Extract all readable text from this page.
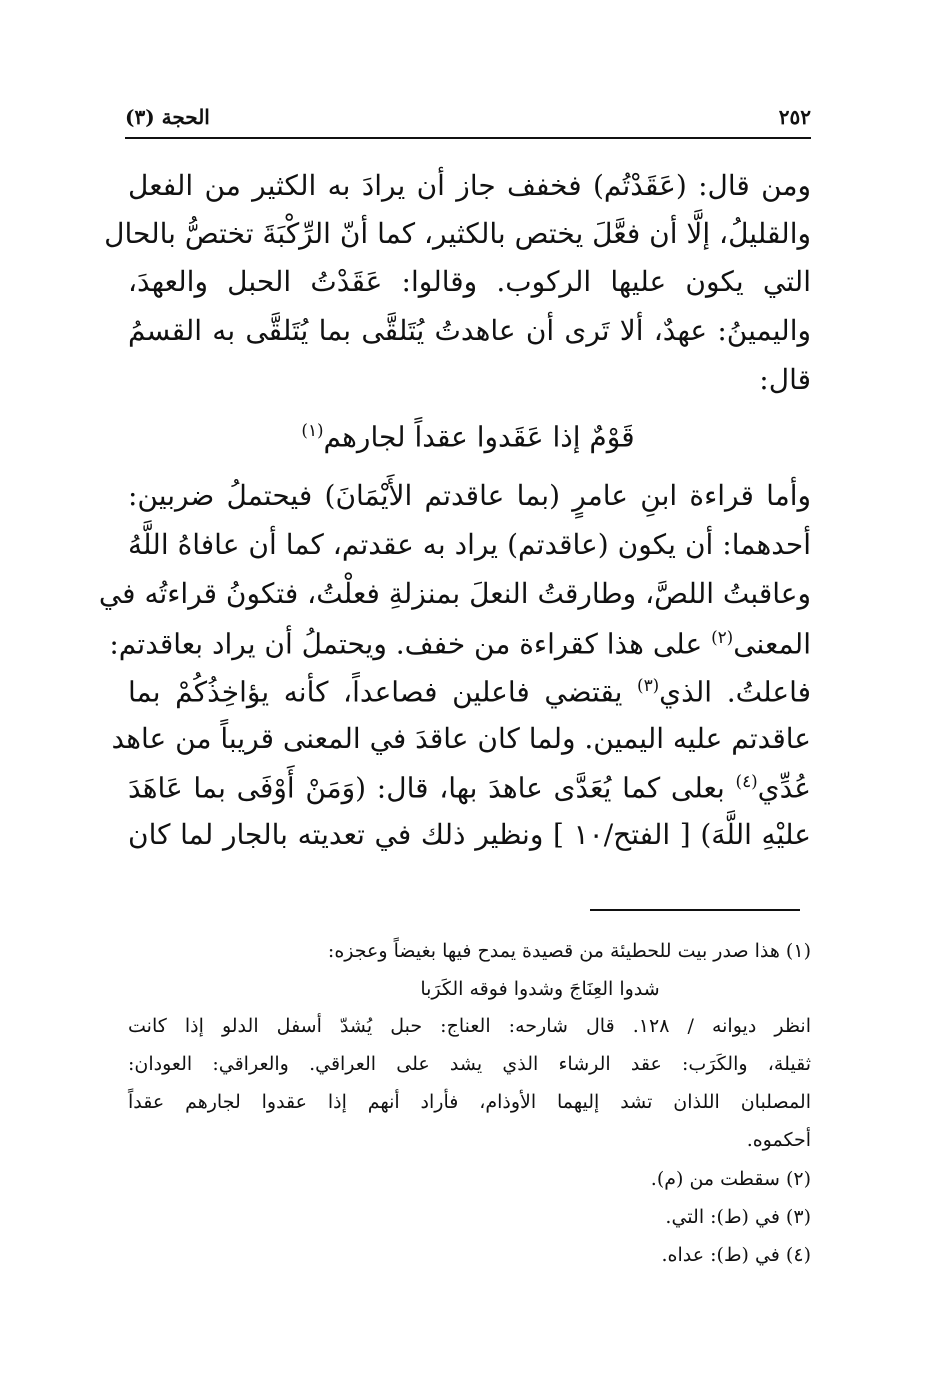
٢٥٢
الحجة (٣)
ومن قال: (عَقَدْتُم) فخفف جاز أن يرادَ به الكثير من الفعل
والقليلُ، إلَّا أن فعَّلَ يختص بالكثير، كما أنّ الرِّكْبَةَ تختصُّ بالحال
التي يكون عليها الركوب. وقالوا: عَقَدْتُ الحبل والعهدَ،
واليمينُ: عهدٌ، ألا تَرى أن عاهدتُ يُتَلقَّى بما يُتَلقَّى به القسمُ
قال:
قَوْمٌ إذا عَقَدوا عقداً لجارهم$^{(١)}$
وأما قراءة ابنِ عامرٍ (بما عاقدتم الأَيْمَانَ) فيحتملُ ضربين:
أحدهما: أن يكون (عاقدتم) يراد به عقدتم، كما أن عافاهُ اللَّهُ
وعاقبتُ اللصَّ، وطارقتُ النعلَ بمنزلةِ فعلْتُ، فتكونُ قراءتُه في
المعنى$^{(٢)}$ على هذا كقراءة من خفف. ويحتملُ أن يراد بعاقدتم:
فاعلتُ. الذي$^{(٣)}$ يقتضي فاعلين فصاعداً، كأنه يؤاخِذُكُمْ بما
عاقدتم عليه اليمين. ولما كان عاقدَ في المعنى قريباً من عاهد
عُدِّي$^{(٤)}$ بعلى كما يُعَدَّى عاهدَ بها، قال: (وَمَنْ أَوْفَى بما عَاهَدَ
عليْهِ اللَّهَ) [ الفتح/١٠ ] ونظير ذلك في تعديته بالجار لما كان
(١) هذا صدر بيت للحطيئة من قصيدة يمدح فيها بغيضاً وعجزه:
شدوا العِنَاجَ وشدوا فوقه الكَرَبا
انظر ديوانه / ١٢٨. قال شارحه: العناج: حبل يُشدّ أسفل الدلو إذا كانت
ثقيلة، والكَرَب: عقد الرشاء الذي يشد على العراقي. والعراقي: العودان:
المصلبان اللذان تشد إليهما الأوذام، فأراد أنهم إذا عقدوا لجارهم عقداً
أحكموه.
(٢) سقطت من (م).
(٣) في (ط): التي.
(٤) في (ط): عداه.
